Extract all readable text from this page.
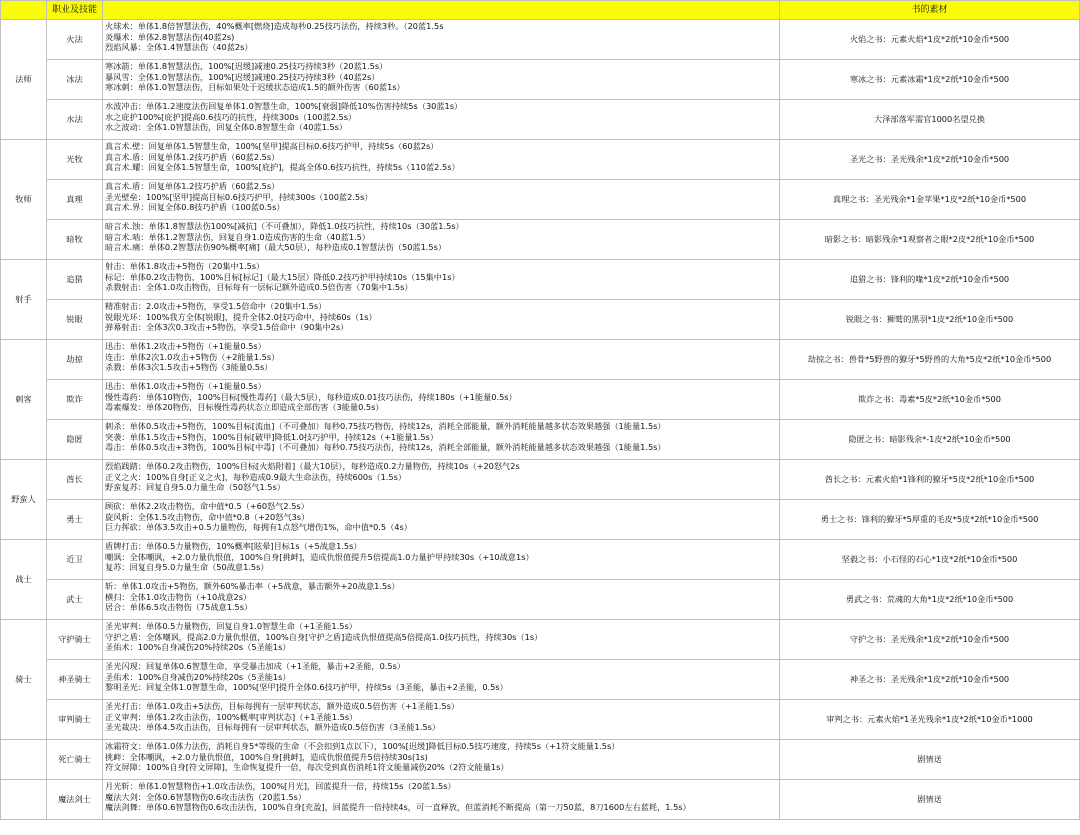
	职业及技能		书的素材
法师	火法	火球术：单体1.8倍智慧法伤，40%概率[燃烧]造成每秒0.25技巧法伤，持续3秒。（20蓝1.5s
炎爆术：单体2.8智慧法伤(40蓝2s)
烈焰风暴：全体1.4智慧法伤（40蓝2s）	火焰之书：元素火焰*1皮*2纸*10金币*500
	冰法	寒冰箭：单体1.8智慧法伤，100%[迟缓]减速0.25技巧持续3秒（20蓝1.5s）
暴风雪：全体1.0智慧法伤，100%[迟缓]减速0.25技巧持续3秒（40蓝2s）
寒冰刺：单体1.0智慧法伤，目标如果处于迟缓状态造成1.5的额外伤害（60蓝1s）	寒冰之书：元素冰霜*1皮*2纸*10金币*500
	水法	水波冲击：单体1.2速度法伤回复单体1.0智慧生命，100%[衰弱]降低10%伤害持续5s（30蓝1s）
水之庇护100%[庇护]提高0.6技巧的抗性，持续300s（100蓝2.5s）
水之波动：全体1.0智慧法伤，回复全体0.8智慧生命（40蓝1.5s）	大泽部落军需官1000名望兑换
牧师	光牧	真言术.壁：回复单体1.5智慧生命，100%[坚甲]提高目标0.6技巧护甲，持续5s（60蓝2s）
真言术.盾：回复单体1.2技巧护盾（60蓝2.5s）
真言术.耀：回复全体1.5智慧生命，100%[庇护]，提高全体0.6技巧抗性，持续5s（110蓝2.5s）	圣光之书：圣光残余*1皮*2纸*10金币*500
	真理	真言术.盾：回复单体1.2技巧护盾（60蓝2.5s）
圣光壁垒：100%[坚甲]提高目标0.6技巧护甲，持续300s（100蓝2.5s）
真言术.界：回复全体0.8技巧护盾（100蓝0.5s）	真理之书：圣光残余*1金苹果*1皮*2纸*10金币*500
	暗牧	暗言术.蚀：单体1.8智慧法伤100%[减抗]（不可叠加），降低1.0技巧抗性，持续10s（30蓝1.5s）
暗言术.啮：单体1.2智慧法伤，回复自身1.0造成伤害的生命（40蓝1.5）
暗言术.痛：单体0.2智慧法伤90%概率[痛]（最大50层），每秒造成0.1智慧法伤（50蓝1.5s）	暗影之书：暗影残余*1观察者之眼*2皮*2纸*10金币*500
射手	追猎	射击：单体1.8攻击+5物伤（20集中1.5s）
标记：单体0.2攻击物伤，100%目标[标记]（最大15层）降低0.2技巧护甲持续10s（15集中1s）
杀戮射击：全体1.0攻击物伤，目标每有一层标记额外造成0.5倍伤害（70集中1.5s）	追猎之书：锋利的喙*1皮*2纸*10金币*500
	锐眼	精准射击：2.0攻击+5物伤，享受1.5倍命中（20集中1.5s）
锐眼光环：100%我方全体[锐眼]，提升全体2.0技巧命中，持续60s（1s）
弹幕射击：全体3次0.3攻击+5物伤，享受1.5倍命中（90集中2s）	锐眼之书：狮鹫的黑羽*1皮*2纸*10金币*500
刺客	劫掠	迅击：单体1.2攻击+5物伤（+1能量0.5s）
连击：单体2次1.0攻击+5物伤（+2能量1.5s）
杀戮：单体3次1.5攻击+5物伤（3能量0.5s）	劫掠之书：兽骨*5野兽的獠牙*5野兽的大角*5皮*2纸*10金币*500
	欺诈	迅击：单体1.0攻击+5物伤（+1能量0.5s）
慢性毒药：单体10物伤，100%目标[慢性毒药]（最大5层），每秒造成0.01技巧法伤，持续180s（+1能量0.5s）
毒素爆发：单体20物伤，目标慢性毒药状态立即造成全部伤害（3能量0.5s）	欺诈之书：毒素*5皮*2纸*10金币*500
	隐匿	刺杀：单体0.5攻击+5物伤，100%目标[流血]（不可叠加）每秒0.75技巧物伤，持续12s，消耗全部能量，额外消耗能量越多状态效果越强（1能量1.5s）
突袭：单体1.5攻击+5物伤，100%目标[破甲]降低1.0技巧护甲，持续12s（+1能量1.5s）
毒击：单体0.5攻击+3物伤，100%目标[中毒]（不可叠加）每秒0.75技巧法伤，持续12s，消耗全部能量，额外消耗能量越多状态效果越强（1能量1.5s）	隐匿之书：暗影残余*-1皮*2纸*10金币*500
野蛮人	酋长	烈焰践踏：单体0.2攻击物伤，100%目标[火焰附着]（最大10层），每秒造成0.2力量物伤，持续10s（+20怒气2s
正义之火：100%自身[正义之火]，每秒造成0.9最大生命法伤，持续600s（1.5s）
野蛮复苏：回复自身5.0力量生命（50怒气1.5s）	酋长之书：元素火焰*1锋利的獠牙*5皮*2纸*10金币*500
	勇士	顾砍：单体2.2攻击物伤，命中值*0.5（+60怒气2.5s）
旋风斩：全体1.5攻击物伤，命中值*0.8（+20怒气3s）
巨力挥砍：单体3.5攻击+0.5力量物伤，每拥有1点怒气增伤1%，命中值*0.5（4s）	勇士之书：锋利的獠牙*5厚重的毛皮*5皮*2纸*10金币*500
战士	近卫	盾牌打击：单体0.5力量物伤，10%概率[眩晕]目标1s（+5战意1.5s）
嘲讽：全体嘲讽，+2.0力量仇恨值，100%自身[挑衅]，造成仇恨值提升5倍提高1.0力量护甲持续30s（+10战意1s）
复苏：回复自身5.0力量生命（50战意1.5s）	坚毅之书：小石怪的石心*1皮*2纸*10金币*500
	武士	斩：单体1.0攻击+5物伤，额外60%暴击率（+5战意，暴击额外+20战意1.5s）
横扫：全体1.0攻击物伤（+10战意2s）
居合：单体6.5攻击物伤（75战意1.5s）	勇武之书：荒魂的大角*1皮*2纸*10金币*500
骑士	守护骑士	圣光审判：单体0.5力量物伤，回复自身1.0智慧生命（+1圣能1.5s）
守护之盾：全体嘲讽，提高2.0力量仇恨值，100%自身[守护之盾]造成仇恨值提高5倍提高1.0技巧抗性，持续30s（1s）
圣佑术：100%自身减伤20%持续20s（5圣能1s）	守护之书：圣光残余*1皮*2纸*10金币*500
	神圣骑士	圣光闪现：回复单体0.6智慧生命，享受暴击加成（+1圣能，暴击+2圣能，0.5s）
圣佑术：100%自身减伤20%持续20s（5圣能1s）
黎明圣光：回复全体1.0智慧生命，100%[坚甲]提升全体0.6技巧护甲，持续5s（3圣能，暴击+2圣能，0.5s）	神圣之书：圣光残余*1皮*2纸*10金币*500
	审判骑士	圣光打击：单体1.0攻击+5法伤，目标每拥有一层审判状态，额外造成0.5倍伤害（+1圣能1.5s）
正义审判：单体1.2攻击法伤，100%概率[审判状态]（+1圣能1.5s）
圣光裁决：单体4.5攻击法伤，目标每拥有一层审判状态，额外造成0.5倍伤害（3圣能1.5s）	审判之书：元素火焰*1圣光残余*1皮*2纸*10金币*1000
	死亡骑士	冰霜符文：单体1.0体力法伤，消耗自身5*等级的生命（不会扣到1点以下），100%[迟缓]降低目标0.5技巧速度，持续5s（+1符文能量1.5s）
挑衅：全体嘲讽，+2.0力量仇恨值，100%自身[挑衅]，造成仇恨值提升5倍持续30s(1s)
符文屏障：100%自身[符文屏障]，生命恢复提升一倍，每次受到真伤消耗1符文能量减伤20%（2符文能量1s）	剧情送
	魔法剑士	月光斩：单体1.0智慧物伤+1.0攻击法伤，100%[月光]，回蓝提升一倍，持续15s（20蓝1.5s）
魔法大剑：全体0.6智慧物伤0.6攻击法伤（20蓝1.5s）
魔法剑舞：单体0.6智慧物伤0.6攻击法伤，100%自身[充盈]，回蓝提升一倍持续4s，可一直释放，但蓝消耗不断提高（第一刀50蓝，8刀1600左右蓝耗，1.5s）	剧情送
